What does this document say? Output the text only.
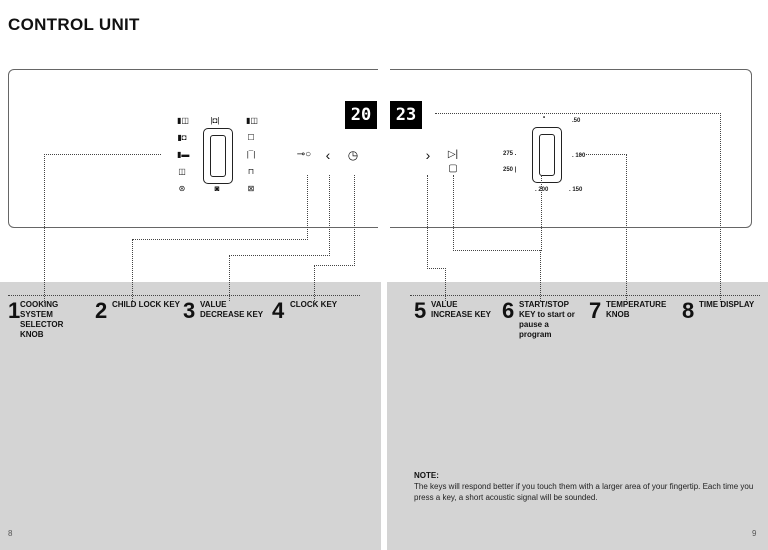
CONTROL UNIT
▮◫
▮◘
▮▬
◫
⊛
|◘|
◙
▮◫
☐
|¯|
⊓
⊠
⊸○ ‹	◷
20	23
›	▷|▢
•	.50
275 .	. 100
250 |
. 200	. 150
1 COOKING SYSTEM SELECTOR KNOB
2 CHILD LOCK KEY 3 VALUE DECREASE KEY 4 CLOCK KEY	5 VALUE INCREASE KEY 6 START/STOP KEY to start or pause a program
7 TEMPERATURE KNOB	8 TIME DISPLAY
NOTE:
The keys will respond better if you touch them with a larger area of your fingertip. Each time you press a key, a short acoustic signal will be sounded.
8	9
